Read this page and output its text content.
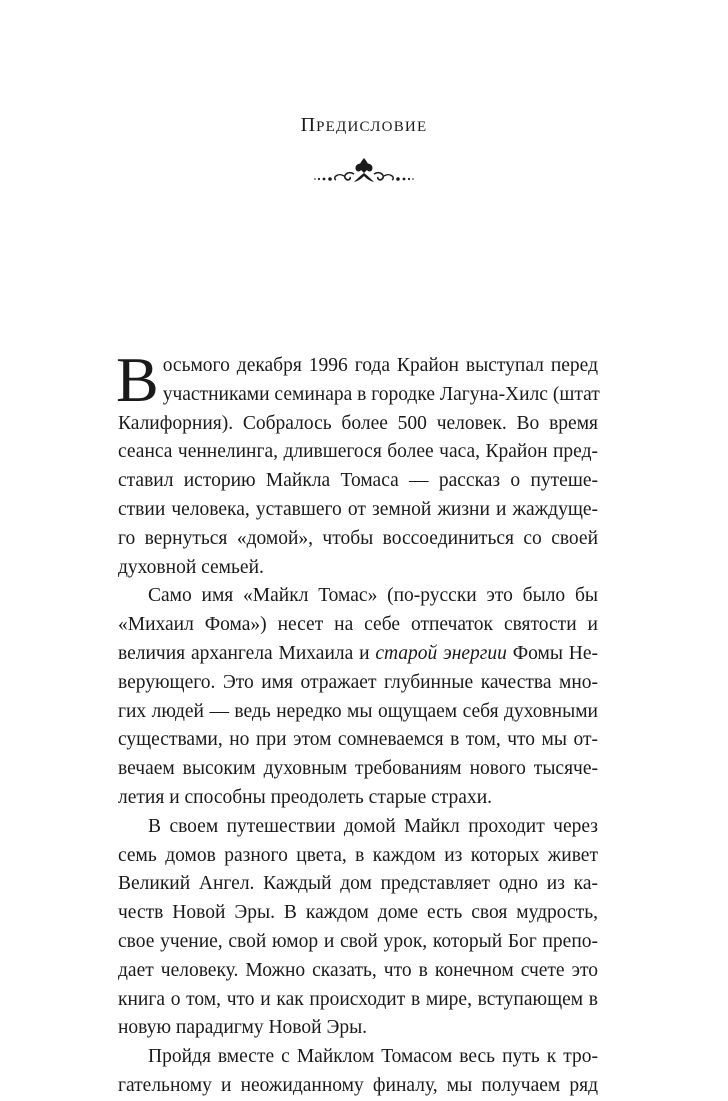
ПРЕДИСЛОВИЕ
В осьмого декабря 1996 года Крайон выступал перед
участниками семинара в городке Лагуна-Хилс (штат
Калифорния). Собралось более 500 человек. Во время
сеанса ченнелинга, длившегося более часа, Крайон пред-
ставил историю Майкла Томаса — рассказ о путеше-
ствии человека, уставшего от земной жизни и жаждуще-
го вернуться «домой», чтобы воссоединиться со своей
духовной семьей.
Само имя «Майкл Томас» (по-русски это было бы
«Михаил Фома») несет на себе отпечаток святости и
величия архангела Михаила и старой энергии Фомы Не-
верующего. Это имя отражает глубинные качества мно-
гих людей — ведь нередко мы ощущаем себя духовными
существами, но при этом сомневаемся в том, что мы от-
вечаем высоким духовным требованиям нового тысяче-
летия и способны преодолеть старые страхи.
В своем путешествии домой Майкл проходит через
семь домов разного цвета, в каждом из которых живет
Великий Ангел. Каждый дом представляет одно из ка-
честв Новой Эры. В каждом доме есть своя мудрость,
свое учение, свой юмор и свой урок, который Бог препо-
дает человеку. Можно сказать, что в конечном счете это
книга о том, что и как происходит в мире, вступающем в
новую парадигму Новой Эры.
Пройдя вместе с Майклом Томасом весь путь к тро-
гательному и неожиданному финалу, мы получаем ряд
